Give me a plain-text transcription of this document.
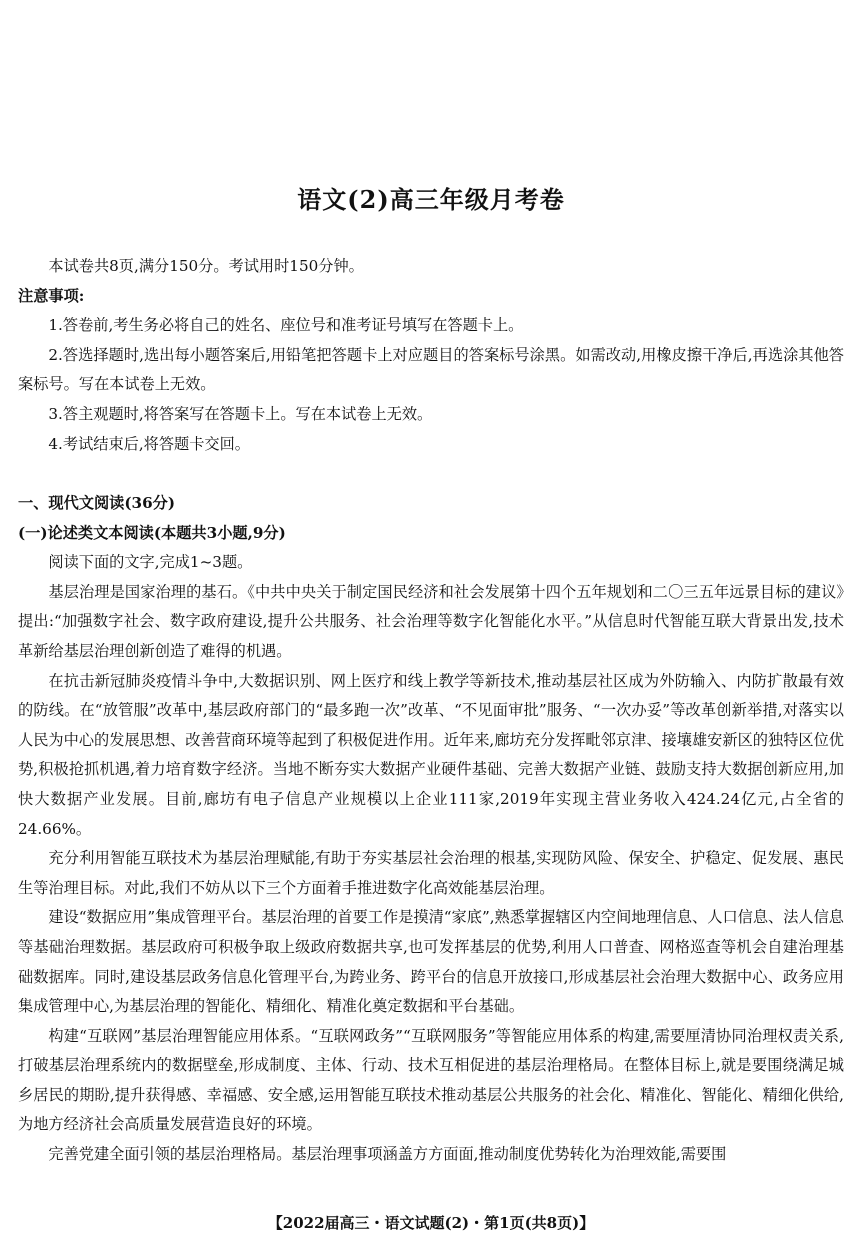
语文(2)高三年级月考卷

本试卷共8页,满分150分。考试用时150分钟。

注意事项:

1.答卷前,考生务必将自己的姓名、座位号和准考证号填写在答题卡上。

2.答选择题时,选出每小题答案后,用铅笔把答题卡上对应题目的答案标号涂黑。如需改动,用橡皮擦干净后,再选涂其他答案标号。写在本试卷上无效。

3.答主观题时,将答案写在答题卡上。写在本试卷上无效。

4.考试结束后,将答题卡交回。

一、现代文阅读(36分)

(一)论述类文本阅读(本题共3小题,9分)

阅读下面的文字,完成1~3题。

基层治理是国家治理的基石。《中共中央关于制定国民经济和社会发展第十四个五年规划和二〇三五年远景目标的建议》提出:“加强数字社会、数字政府建设,提升公共服务、社会治理等数字化智能化水平。”从信息时代智能互联大背景出发,技术革新给基层治理创新创造了难得的机遇。

在抗击新冠肺炎疫情斗争中,大数据识别、网上医疗和线上教学等新技术,推动基层社区成为外防输入、内防扩散最有效的防线。在“放管服”改革中,基层政府部门的“最多跑一次”改革、“不见面审批”服务、“一次办妥”等改革创新举措,对落实以人民为中心的发展思想、改善营商环境等起到了积极促进作用。近年来,廊坊充分发挥毗邻京津、接壤雄安新区的独特区位优势,积极抢抓机遇,着力培育数字经济。当地不断夯实大数据产业硬件基础、完善大数据产业链、鼓励支持大数据创新应用,加快大数据产业发展。目前,廊坊有电子信息产业规模以上企业111家,2019年实现主营业务收入424.24亿元,占全省的24.66%。

充分利用智能互联技术为基层治理赋能,有助于夯实基层社会治理的根基,实现防风险、保安全、护稳定、促发展、惠民生等治理目标。对此,我们不妨从以下三个方面着手推进数字化高效能基层治理。

建设“数据应用”集成管理平台。基层治理的首要工作是摸清“家底”,熟悉掌握辖区内空间地理信息、人口信息、法人信息等基础治理数据。基层政府可积极争取上级政府数据共享,也可发挥基层的优势,利用人口普查、网格巡查等机会自建治理基础数据库。同时,建设基层政务信息化管理平台,为跨业务、跨平台的信息开放接口,形成基层社会治理大数据中心、政务应用集成管理中心,为基层治理的智能化、精细化、精准化奠定数据和平台基础。

构建“互联网”基层治理智能应用体系。“互联网政务”“互联网服务”等智能应用体系的构建,需要厘清协同治理权责关系,打破基层治理系统内的数据壁垒,形成制度、主体、行动、技术互相促进的基层治理格局。在整体目标上,就是要围绕满足城乡居民的期盼,提升获得感、幸福感、安全感,运用智能互联技术推动基层公共服务的社会化、精准化、智能化、精细化供给,为地方经济社会高质量发展营造良好的环境。

完善党建全面引领的基层治理格局。基层治理事项涵盖方方面面,推动制度优势转化为治理效能,需要围

【2022届高三・语文试题(2)・第1页(共8页)】
